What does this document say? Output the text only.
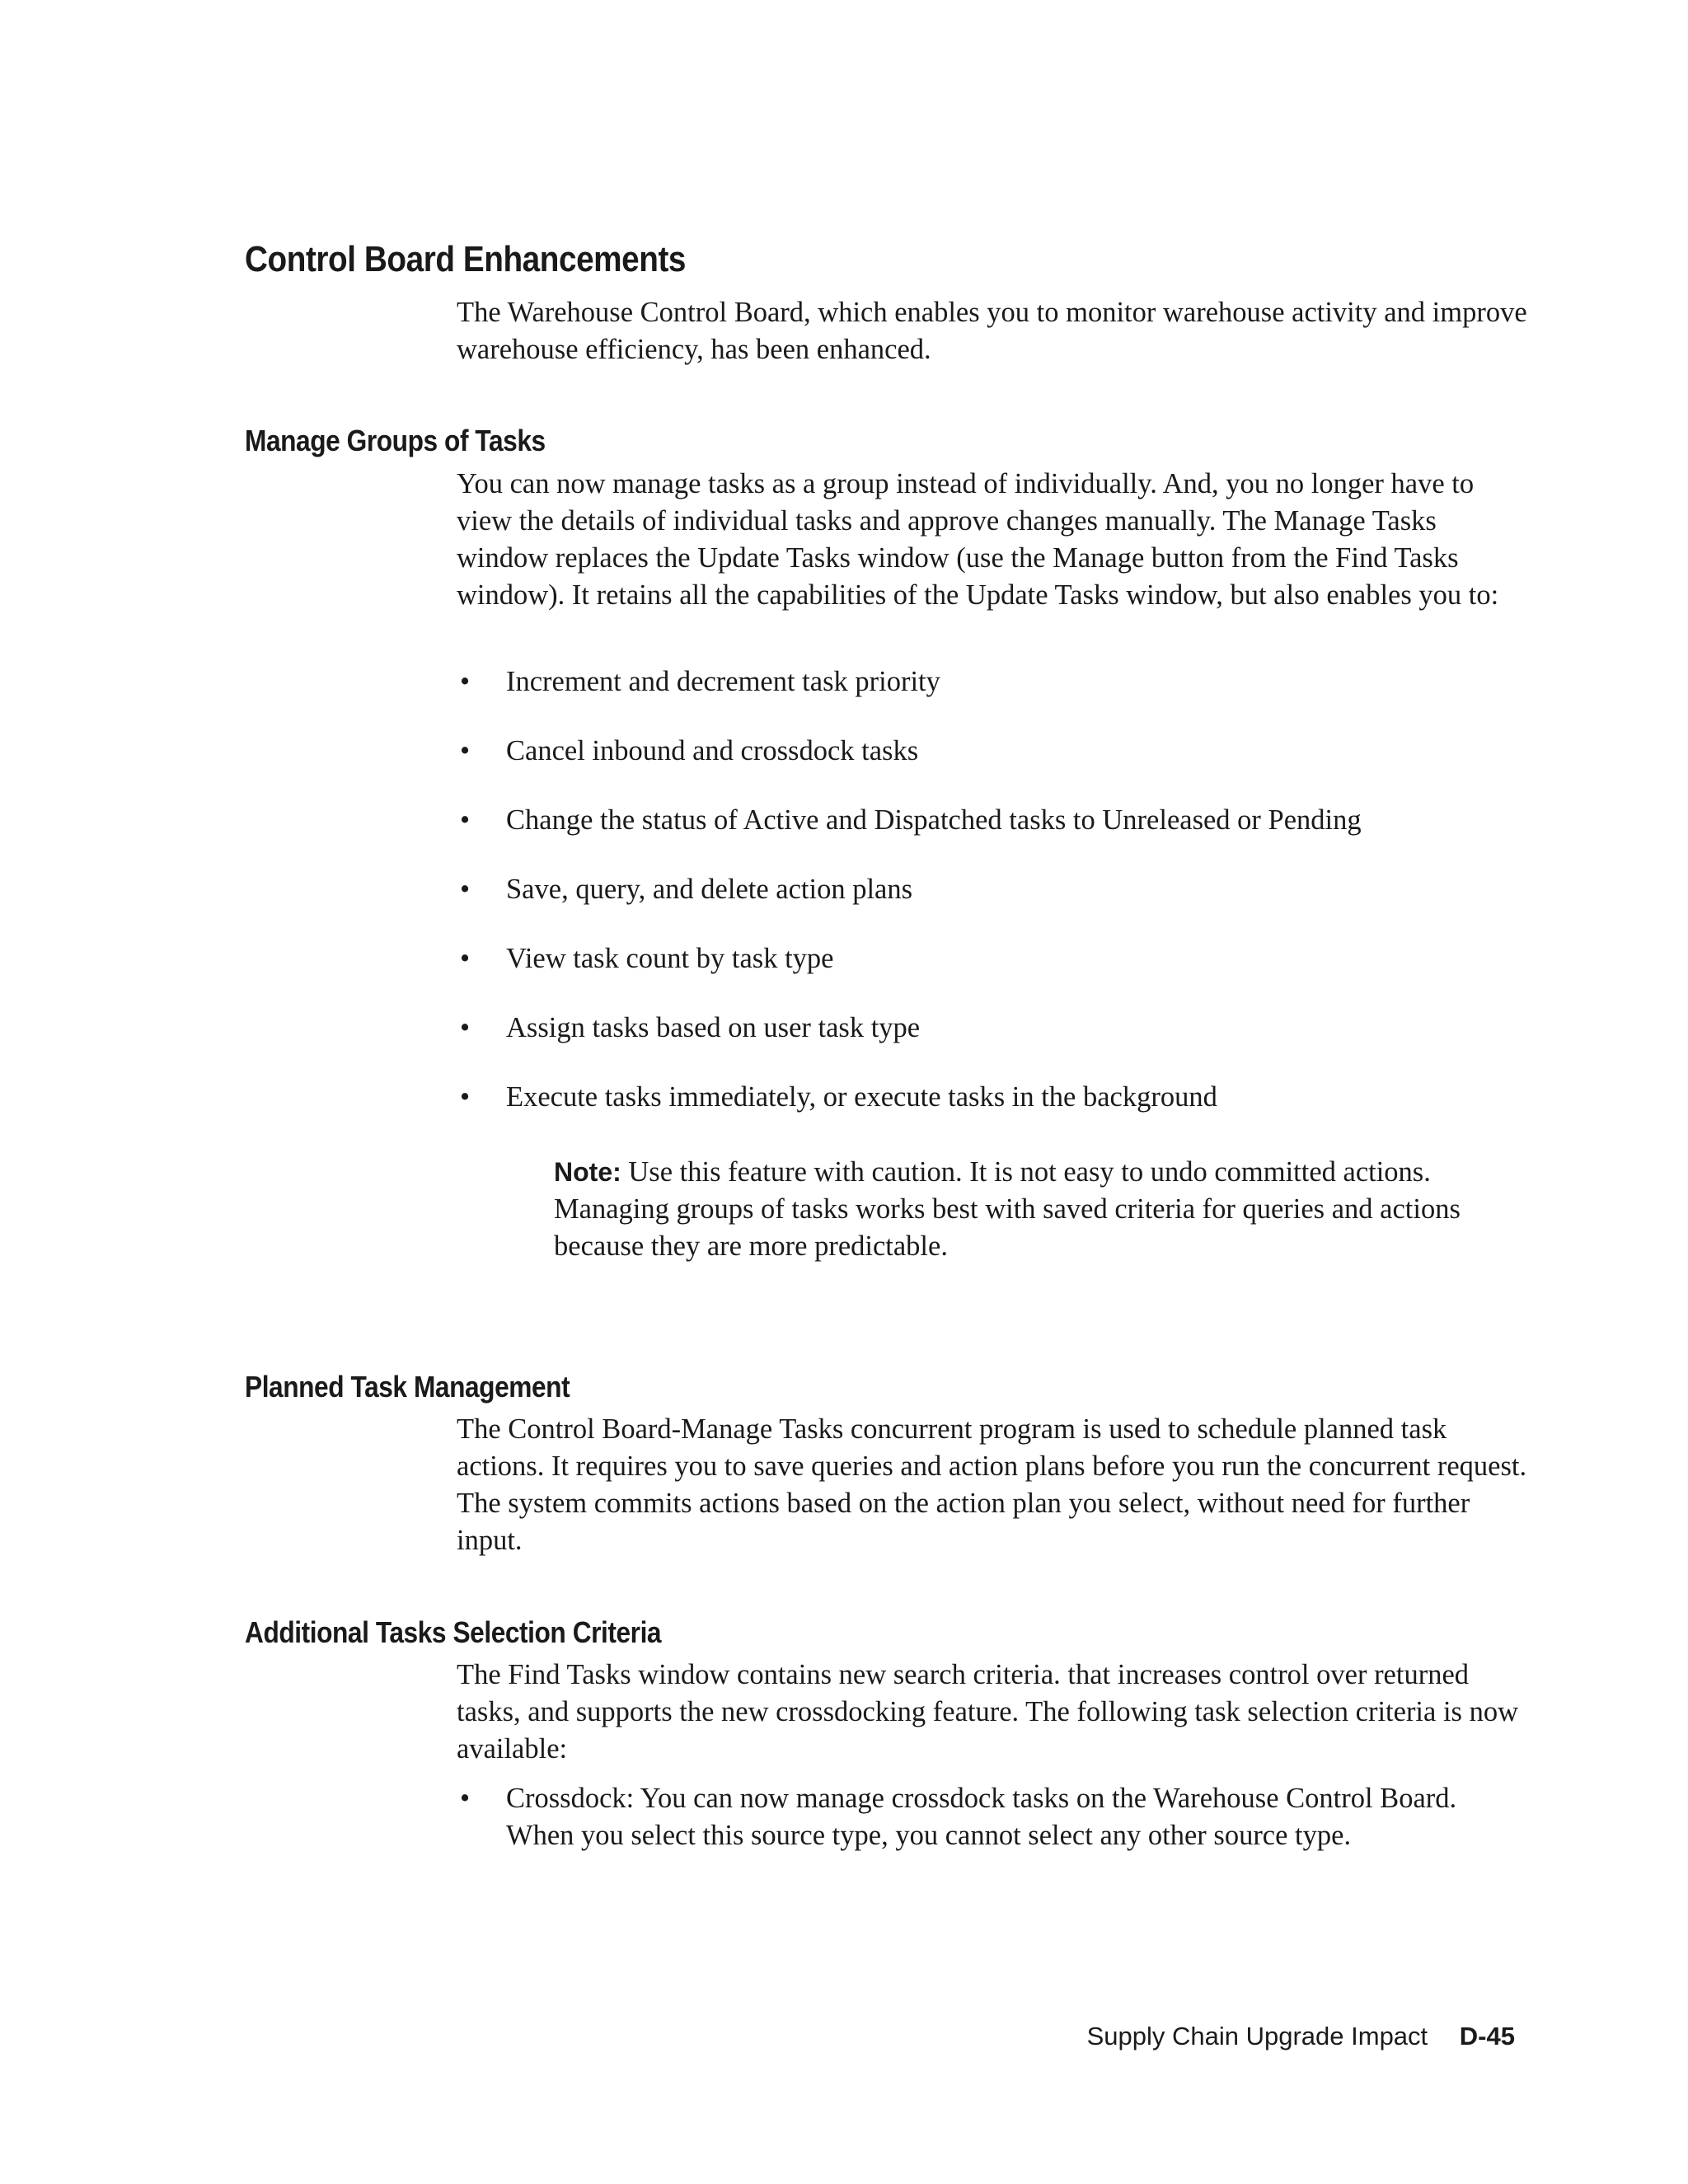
Control Board Enhancements

The Warehouse Control Board, which enables you to monitor warehouse activity and improve warehouse efficiency, has been enhanced.

Manage Groups of Tasks

You can now manage tasks as a group instead of individually. And, you no longer have to view the details of individual tasks and approve changes manually. The Manage Tasks window replaces the Update Tasks window (use the Manage button from the Find Tasks window). It retains all the capabilities of the Update Tasks window, but also enables you to:

• Increment and decrement task priority
• Cancel inbound and crossdock tasks
• Change the status of Active and Dispatched tasks to Unreleased or Pending
• Save, query, and delete action plans
• View task count by task type
• Assign tasks based on user task type
• Execute tasks immediately, or execute tasks in the background

Note: Use this feature with caution. It is not easy to undo committed actions. Managing groups of tasks works best with saved criteria for queries and actions because they are more predictable.

Planned Task Management

The Control Board-Manage Tasks concurrent program is used to schedule planned task actions. It requires you to save queries and action plans before you run the concurrent request. The system commits actions based on the action plan you select, without need for further input.

Additional Tasks Selection Criteria

The Find Tasks window contains new search criteria. that increases control over returned tasks, and supports the new crossdocking feature. The following task selection criteria is now available:

• Crossdock: You can now manage crossdock tasks on the Warehouse Control Board. When you select this source type, you cannot select any other source type.
Supply Chain Upgrade Impact D-45
